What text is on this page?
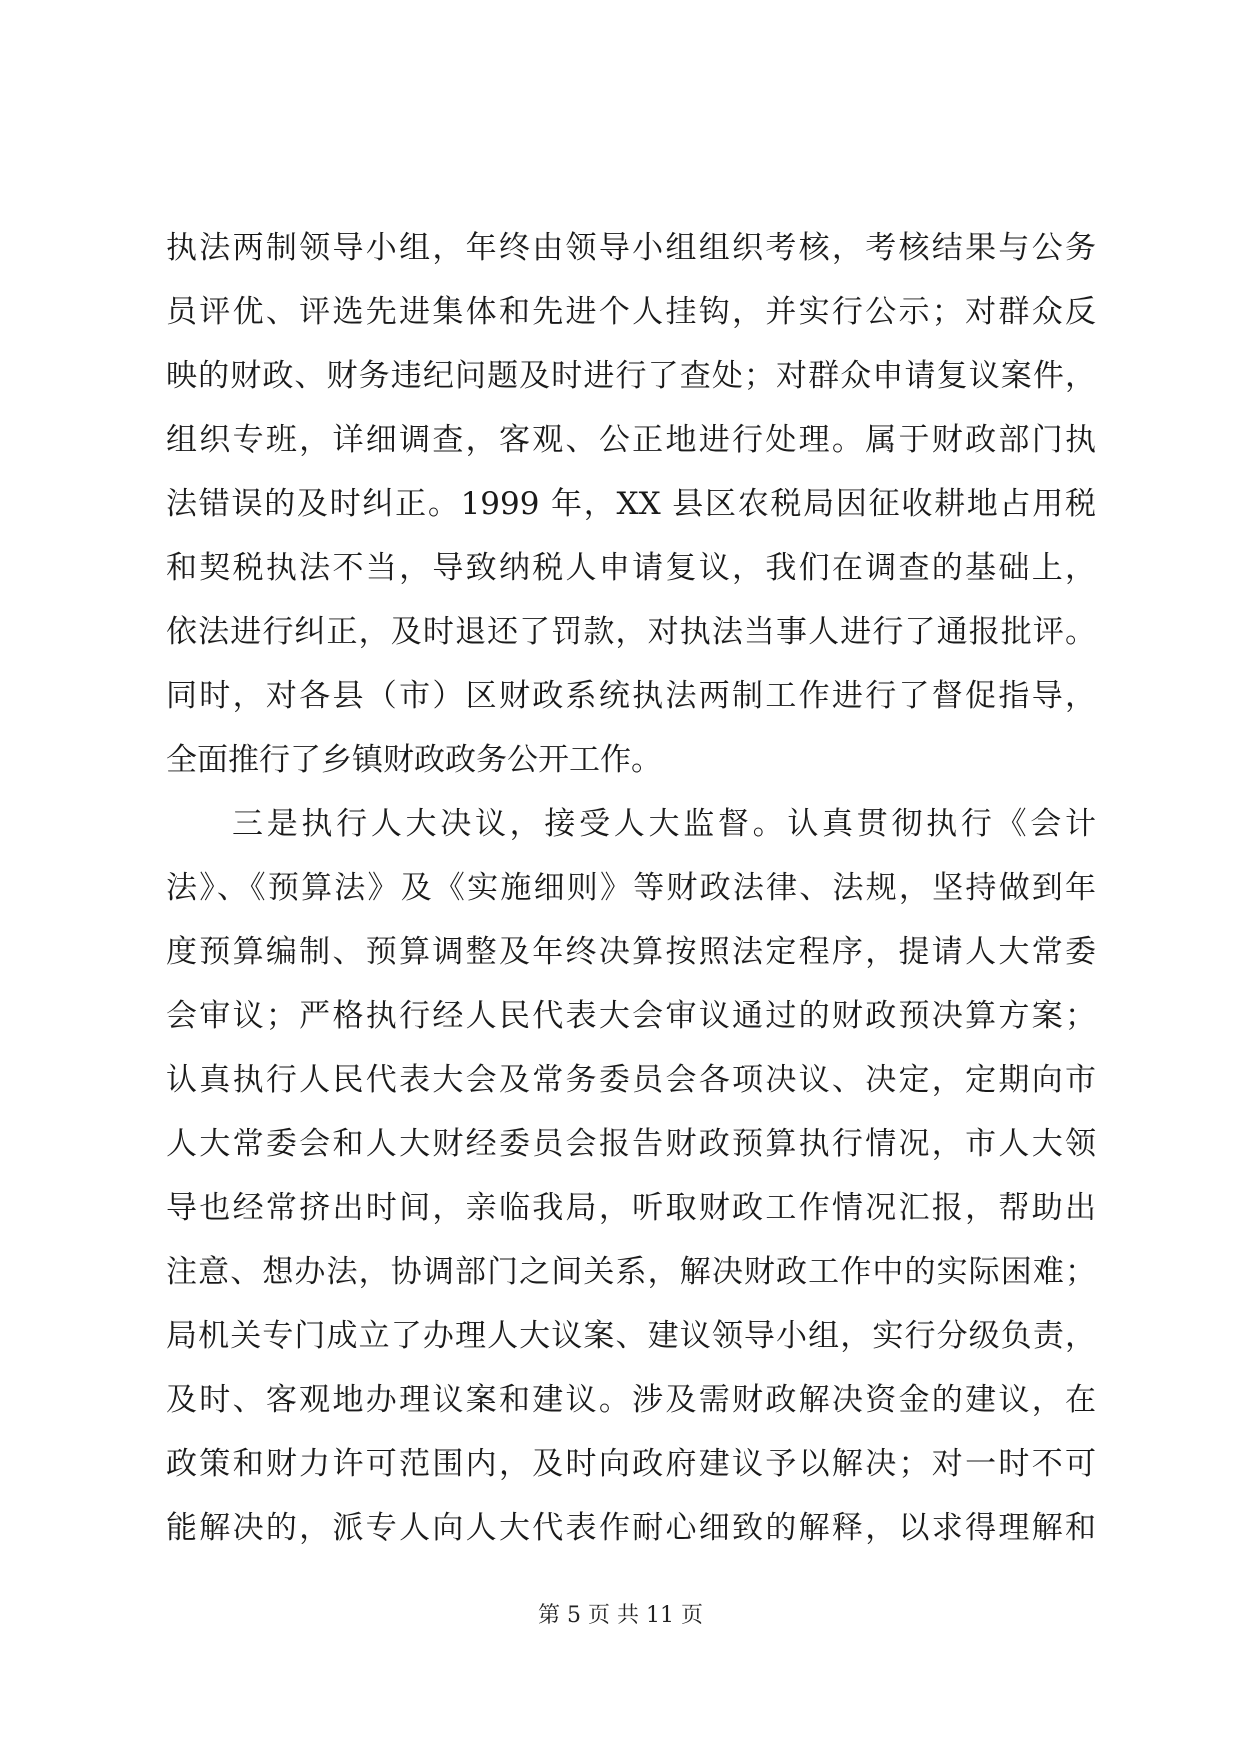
执法两制领导小组，年终由领导小组组织考核，考核结果与公务
员评优、评选先进集体和先进个人挂钩，并实行公示；对群众反
映的财政、财务违纪问题及时进行了查处；对群众申请复议案件，
组织专班，详细调查，客观、公正地进行处理。属于财政部门执
法错误的及时纠正。1999 年，XX 县区农税局因征收耕地占用税
和契税执法不当，导致纳税人申请复议，我们在调查的基础上，
依法进行纠正，及时退还了罚款，对执法当事人进行了通报批评。
同时，对各县（市）区财政系统执法两制工作进行了督促指导，
全面推行了乡镇财政政务公开工作。
三是执行人大决议，接受人大监督。认真贯彻执行《会计
法》、《预算法》及《实施细则》等财政法律、法规，坚持做到年
度预算编制、预算调整及年终决算按照法定程序，提请人大常委
会审议；严格执行经人民代表大会审议通过的财政预决算方案；
认真执行人民代表大会及常务委员会各项决议、决定，定期向市
人大常委会和人大财经委员会报告财政预算执行情况，市人大领
导也经常挤出时间，亲临我局，听取财政工作情况汇报，帮助出
注意、想办法，协调部门之间关系，解决财政工作中的实际困难；
局机关专门成立了办理人大议案、建议领导小组，实行分级负责，
及时、客观地办理议案和建议。涉及需财政解决资金的建议，在
政策和财力许可范围内，及时向政府建议予以解决；对一时不可
能解决的，派专人向人大代表作耐心细致的解释，以求得理解和
第 5 页 共 11 页
